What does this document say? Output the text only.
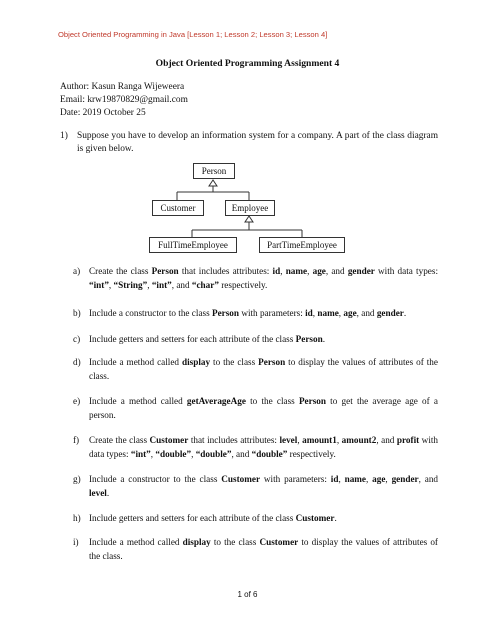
Object Oriented Programming in Java [Lesson 1; Lesson 2; Lesson 3; Lesson 4]
Object Oriented Programming Assignment 4
Author: Kasun Ranga Wijeweera
Email: krw19870829@gmail.com
Date: 2019 October 25
1) Suppose you have to develop an information system for a company. A part of the class diagram is given below.
Person
Customer	Employee
FullTimeEmployee	PartTimeEmployee
a) Create the class Person that includes attributes: id, name, age, and gender with data types: “int”, “String”, “int”, and “char” respectively.
b) Include a constructor to the class Person with parameters: id, name, age, and gender.
c) Include getters and setters for each attribute of the class Person.
d) Include a method called display to the class Person to display the values of attributes of the class.
e) Include a method called getAverageAge to the class Person to get the average age of a person.
f) Create the class Customer that includes attributes: level, amount1, amount2, and profit with data types: “int”, “double”, “double”, and “double” respectively.
g) Include a constructor to the class Customer with parameters: id, name, age, gender, and level.
h) Include getters and setters for each attribute of the class Customer.
i) Include a method called display to the class Customer to display the values of attributes of the class.
1 of 6
